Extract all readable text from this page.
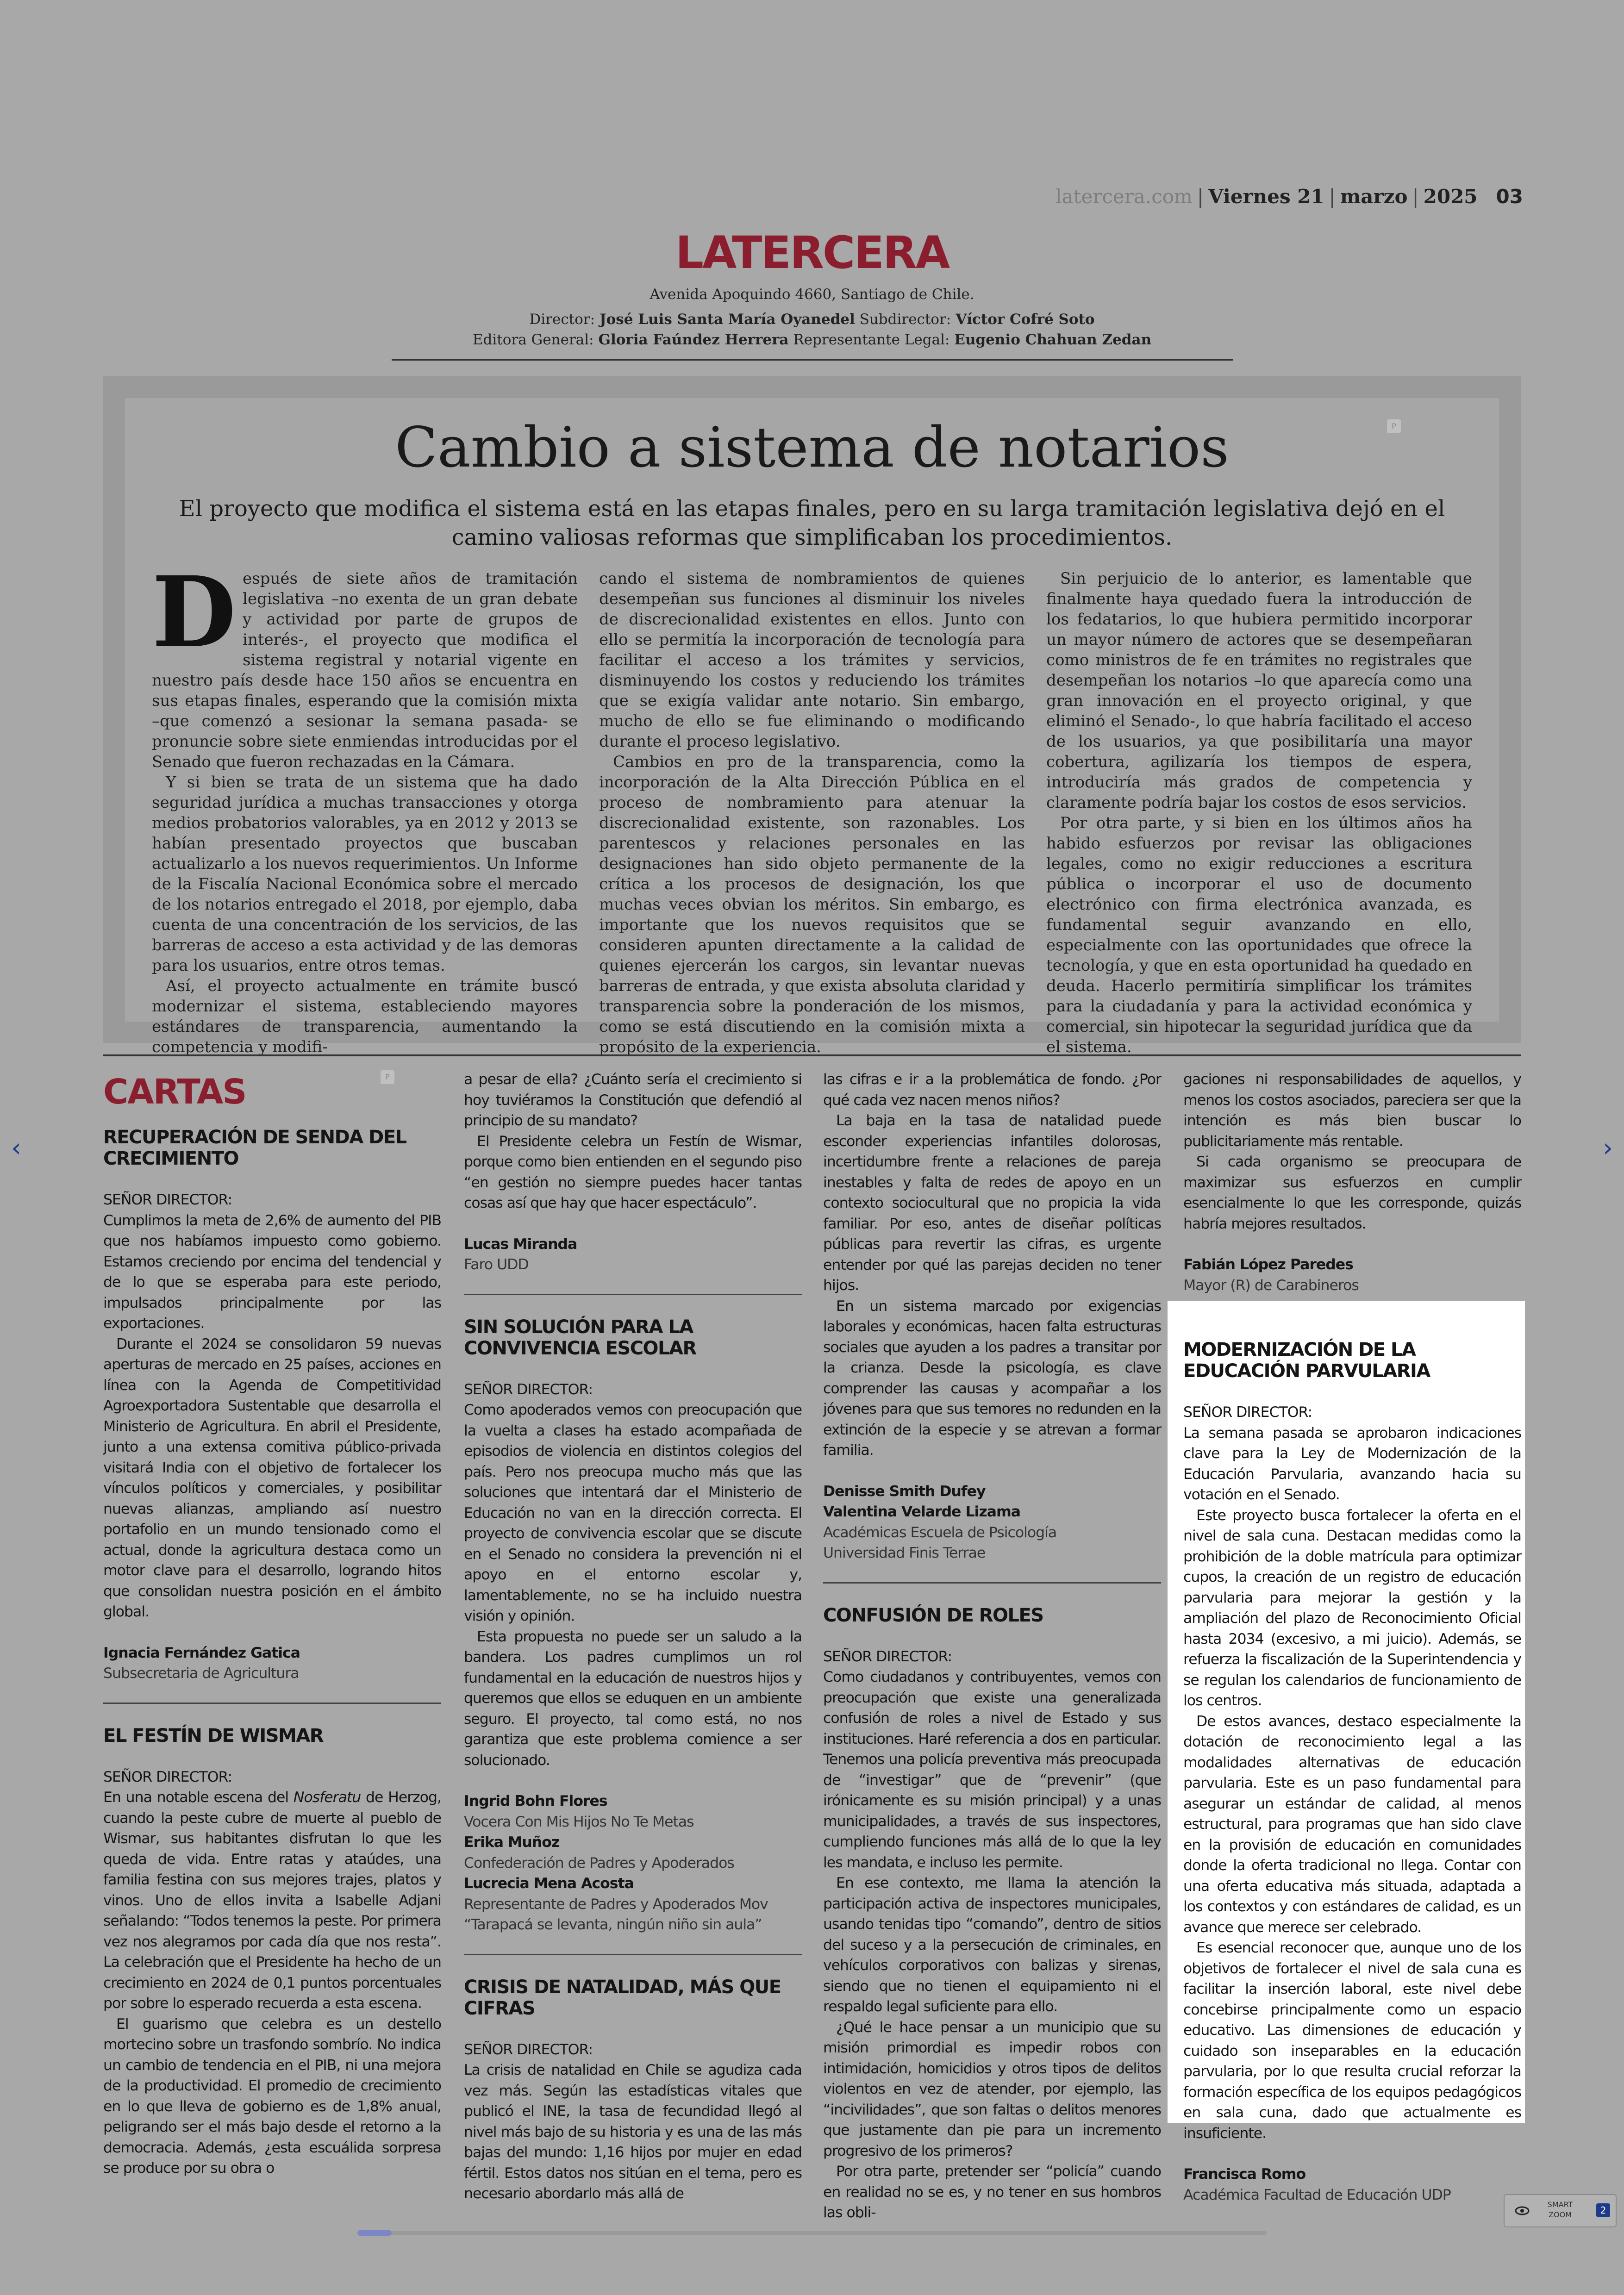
latercera.com | Viernes 21 | marzo | 2025 03
LATERCERA
Avenida Apoquindo 4660, Santiago de Chile.
Director: José Luis Santa María Oyanedel Subdirector: Víctor Cofré Soto
Editora General: Gloria Faúndez Herrera Representante Legal: Eugenio Chahuan Zedan
P
Cambio a sistema de notarios
El proyecto que modifica el sistema está en las etapas finales, pero en su larga tramitación legislativa dejó en el camino valiosas reformas que simplificaban los procedimientos.

Después de siete años de tramitación legislativa –no exenta de un gran debate y actividad por parte de grupos de interés-, el proyecto que modifica el sistema registral y notarial vigente en nuestro país desde hace 150 años se encuentra en sus etapas finales, esperando que la comisión mixta –que comenzó a sesionar la semana pasada- se pronuncie sobre siete enmiendas introducidas por el Senado que fueron rechazadas en la Cámara.

Y si bien se trata de un sistema que ha dado seguridad jurídica a muchas transacciones y otorga medios probatorios valorables, ya en 2012 y 2013 se habían presentado proyectos que buscaban actualizarlo a los nuevos requerimientos. Un Informe de la Fiscalía Nacional Económica sobre el mercado de los notarios entregado el 2018, por ejemplo, daba cuenta de una concentración de los servicios, de las barreras de acceso a esta actividad y de las demoras para los usuarios, entre otros temas.

Así, el proyecto actualmente en trámite buscó modernizar el sistema, estableciendo mayores estándares de transparencia, aumentando la competencia y modifi-

cando el sistema de nombramientos de quienes desempeñan sus funciones al disminuir los niveles de discrecionalidad existentes en ellos. Junto con ello se permitía la incorporación de tecnología para facilitar el acceso a los trámites y servicios, disminuyendo los costos y reduciendo los trámites que se exigía validar ante notario. Sin embargo, mucho de ello se fue eliminando o modificando durante el proceso legislativo.

Cambios en pro de la transparencia, como la incorporación de la Alta Dirección Pública en el proceso de nombramiento para atenuar la discrecionalidad existente, son razonables. Los parentescos y relaciones personales en las designaciones han sido objeto permanente de la crítica a los procesos de designación, los que muchas veces obvian los méritos. Sin embargo, es importante que los nuevos requisitos que se consideren apunten directamente a la calidad de quienes ejercerán los cargos, sin levantar nuevas barreras de entrada, y que exista absoluta claridad y transparencia sobre la ponderación de los mismos, como se está discutiendo en la comisión mixta a propósito de la experiencia.

Sin perjuicio de lo anterior, es lamentable que finalmente haya quedado fuera la introducción de los fedatarios, lo que hubiera permitido incorporar un mayor número de actores que se desempeñaran como ministros de fe en trámites no registrales que desempeñan los notarios –lo que aparecía como una gran innovación en el proyecto original, y que eliminó el Senado-, lo que habría facilitado el acceso de los usuarios, ya que posibilitaría una mayor cobertura, agilizaría los tiempos de espera, introduciría más grados de competencia y claramente podría bajar los costos de esos servicios.

Por otra parte, y si bien en los últimos años ha habido esfuerzos por revisar las obligaciones legales, como no exigir reducciones a escritura pública o incorporar el uso de documento electrónico con firma electrónica avanzada, es fundamental seguir avanzando en ello, especialmente con las oportunidades que ofrece la tecnología, y que en esta oportunidad ha quedado en deuda. Hacerlo permitiría simplificar los trámites para la ciudadanía y para la actividad económica y comercial, sin hipotecar la seguridad jurídica que da el sistema.

CARTAS
RECUPERACIÓN DE SENDA DEL CRECIMIENTO

SEÑOR DIRECTOR:

Cumplimos la meta de 2,6% de aumento del PIB que nos habíamos impuesto como gobierno. Estamos creciendo por encima del tendencial y de lo que se esperaba para este periodo, impulsados principalmente por las exportaciones.

Durante el 2024 se consolidaron 59 nuevas aperturas de mercado en 25 países, acciones en línea con la Agenda de Competitividad Agroexportadora Sustentable que desarrolla el Ministerio de Agricultura. En abril el Presidente, junto a una extensa comitiva público-privada visitará India con el objetivo de fortalecer los vínculos políticos y comerciales, y posibilitar nuevas alianzas, ampliando así nuestro portafolio en un mundo tensionado como el actual, donde la agricultura destaca como un motor clave para el desarrollo, logrando hitos que consolidan nuestra posición en el ámbito global.

Ignacia Fernández Gatica
Subsecretaria de Agricultura
EL FESTÍN DE WISMAR

SEÑOR DIRECTOR:

En una notable escena del Nosferatu de Herzog, cuando la peste cubre de muerte al pueblo de Wismar, sus habitantes disfrutan lo que les queda de vida. Entre ratas y ataúdes, una familia festina con sus mejores trajes, platos y vinos. Uno de ellos invita a Isabelle Adjani señalando: “Todos tenemos la peste. Por primera vez nos alegramos por cada día que nos resta”. La celebración que el Presidente ha hecho de un crecimiento en 2024 de 0,1 puntos porcentuales por sobre lo esperado recuerda a esta escena.

El guarismo que celebra es un destello mortecino sobre un trasfondo sombrío. No indica un cambio de tendencia en el PIB, ni una mejora de la productividad. El promedio de crecimiento en lo que lleva de gobierno es de 1,8% anual, peligrando ser el más bajo desde el retorno a la democracia. Además, ¿esta escuálida sorpresa se produce por su obra o

P	a pesar de ella? ¿Cuánto sería el crecimiento si hoy tuviéramos la Constitución que defendió al principio de su mandato?

El Presidente celebra un Festín de Wismar, porque como bien entienden en el segundo piso “en gestión no siempre puedes hacer tantas cosas así que hay que hacer espectáculo”.

Lucas Miranda
Faro UDD
SIN SOLUCIÓN PARA LA CONVIVENCIA ESCOLAR

SEÑOR DIRECTOR:

Como apoderados vemos con preocupación que la vuelta a clases ha estado acompañada de episodios de violencia en distintos colegios del país. Pero nos preocupa mucho más que las soluciones que intentará dar el Ministerio de Educación no van en la dirección correcta. El proyecto de convivencia escolar que se discute en el Senado no considera la prevención ni el apoyo en el entorno escolar y, lamentablemente, no se ha incluido nuestra visión y opinión.

Esta propuesta no puede ser un saludo a la bandera. Los padres cumplimos un rol fundamental en la educación de nuestros hijos y queremos que ellos se eduquen en un ambiente seguro. El proyecto, tal como está, no nos garantiza que este problema comience a ser solucionado.

Ingrid Bohn Flores
Vocera Con Mis Hijos No Te Metas
Erika Muñoz
Confederación de Padres y Apoderados
Lucrecia Mena Acosta
Representante de Padres y Apoderados Mov
“Tarapacá se levanta, ningún niño sin aula”
CRISIS DE NATALIDAD, MÁS QUE CIFRAS

SEÑOR DIRECTOR:

La crisis de natalidad en Chile se agudiza cada vez más. Según las estadísticas vitales que publicó el INE, la tasa de fecundidad llegó al nivel más bajo de su historia y es una de las más bajas del mundo: 1,16 hijos por mujer en edad fértil. Estos datos nos sitúan en el tema, pero es necesario abordarlo más allá de

las cifras e ir a la problemática de fondo. ¿Por qué cada vez nacen menos niños?

La baja en la tasa de natalidad puede esconder experiencias infantiles dolorosas, incertidumbre frente a relaciones de pareja inestables y falta de redes de apoyo en un contexto sociocultural que no propicia la vida familiar. Por eso, antes de diseñar políticas públicas para revertir las cifras, es urgente entender por qué las parejas deciden no tener hijos.

En un sistema marcado por exigencias laborales y económicas, hacen falta estructuras sociales que ayuden a los padres a transitar por la crianza. Desde la psicología, es clave comprender las causas y acompañar a los jóvenes para que sus temores no redunden en la extinción de la especie y se atrevan a formar familia.

Denisse Smith Dufey
Valentina Velarde Lizama
Académicas Escuela de Psicología
Universidad Finis Terrae
CONFUSIÓN DE ROLES

SEÑOR DIRECTOR:

Como ciudadanos y contribuyentes, vemos con preocupación que existe una generalizada confusión de roles a nivel de Estado y sus instituciones. Haré referencia a dos en particular. Tenemos una policía preventiva más preocupada de “investigar” que de “prevenir” (que irónicamente es su misión principal) y a unas municipalidades, a través de sus inspectores, cumpliendo funciones más allá de lo que la ley les mandata, e incluso les permite.

En ese contexto, me llama la atención la participación activa de inspectores municipales, usando tenidas tipo “comando”, dentro de sitios del suceso y a la persecución de criminales, en vehículos corporativos con balizas y sirenas, siendo que no tienen el equipamiento ni el respaldo legal suficiente para ello.

¿Qué le hace pensar a un municipio que su misión primordial es impedir robos con intimidación, homicidios y otros tipos de delitos violentos en vez de atender, por ejemplo, las “incivilidades”, que son faltas o delitos menores que justamente dan pie para un incremento progresivo de los primeros?

Por otra parte, pretender ser “policía” cuando en realidad no se es, y no tener en sus hombros las obli-

gaciones ni responsabilidades de aquellos, y menos los costos asociados, pareciera ser que la intención es más bien buscar lo publicitariamente más rentable.

Si cada organismo se preocupara de maximizar sus esfuerzos en cumplir esencialmente lo que les corresponde, quizás habría mejores resultados.

Fabián López Paredes
Mayor (R) de Carabineros
MODERNIZACIÓN DE LA EDUCACIÓN PARVULARIA

SEÑOR DIRECTOR:

La semana pasada se aprobaron indicaciones clave para la Ley de Modernización de la Educación Parvularia, avanzando hacia su votación en el Senado.

Este proyecto busca fortalecer la oferta en el nivel de sala cuna. Destacan medidas como la prohibición de la doble matrícula para optimizar cupos, la creación de un registro de educación parvularia para mejorar la gestión y la ampliación del plazo de Reconocimiento Oficial hasta 2034 (excesivo, a mi juicio). Además, se refuerza la fiscalización de la Superintendencia y se regulan los calendarios de funcionamiento de los centros.

De estos avances, destaco especialmente la dotación de reconocimiento legal a las modalidades alternativas de educación parvularia. Este es un paso fundamental para asegurar un estándar de calidad, al menos estructural, para programas que han sido clave en la provisión de educación en comunidades donde la oferta tradicional no llega. Contar con una oferta educativa más situada, adaptada a los contextos y con estándares de calidad, es un avance que merece ser celebrado.

Es esencial reconocer que, aunque uno de los objetivos de fortalecer el nivel de sala cuna es facilitar la inserción laboral, este nivel debe concebirse principalmente como un espacio educativo. Las dimensiones de educación y cuidado son inseparables en la educación parvularia, por lo que resulta crucial reforzar la formación específica de los equipos pedagógicos en sala cuna, dado que actualmente es insuficiente.

Francisca Romo
Académica Facultad de Educación UDP
‹	›
SMART
ZOOM	2
